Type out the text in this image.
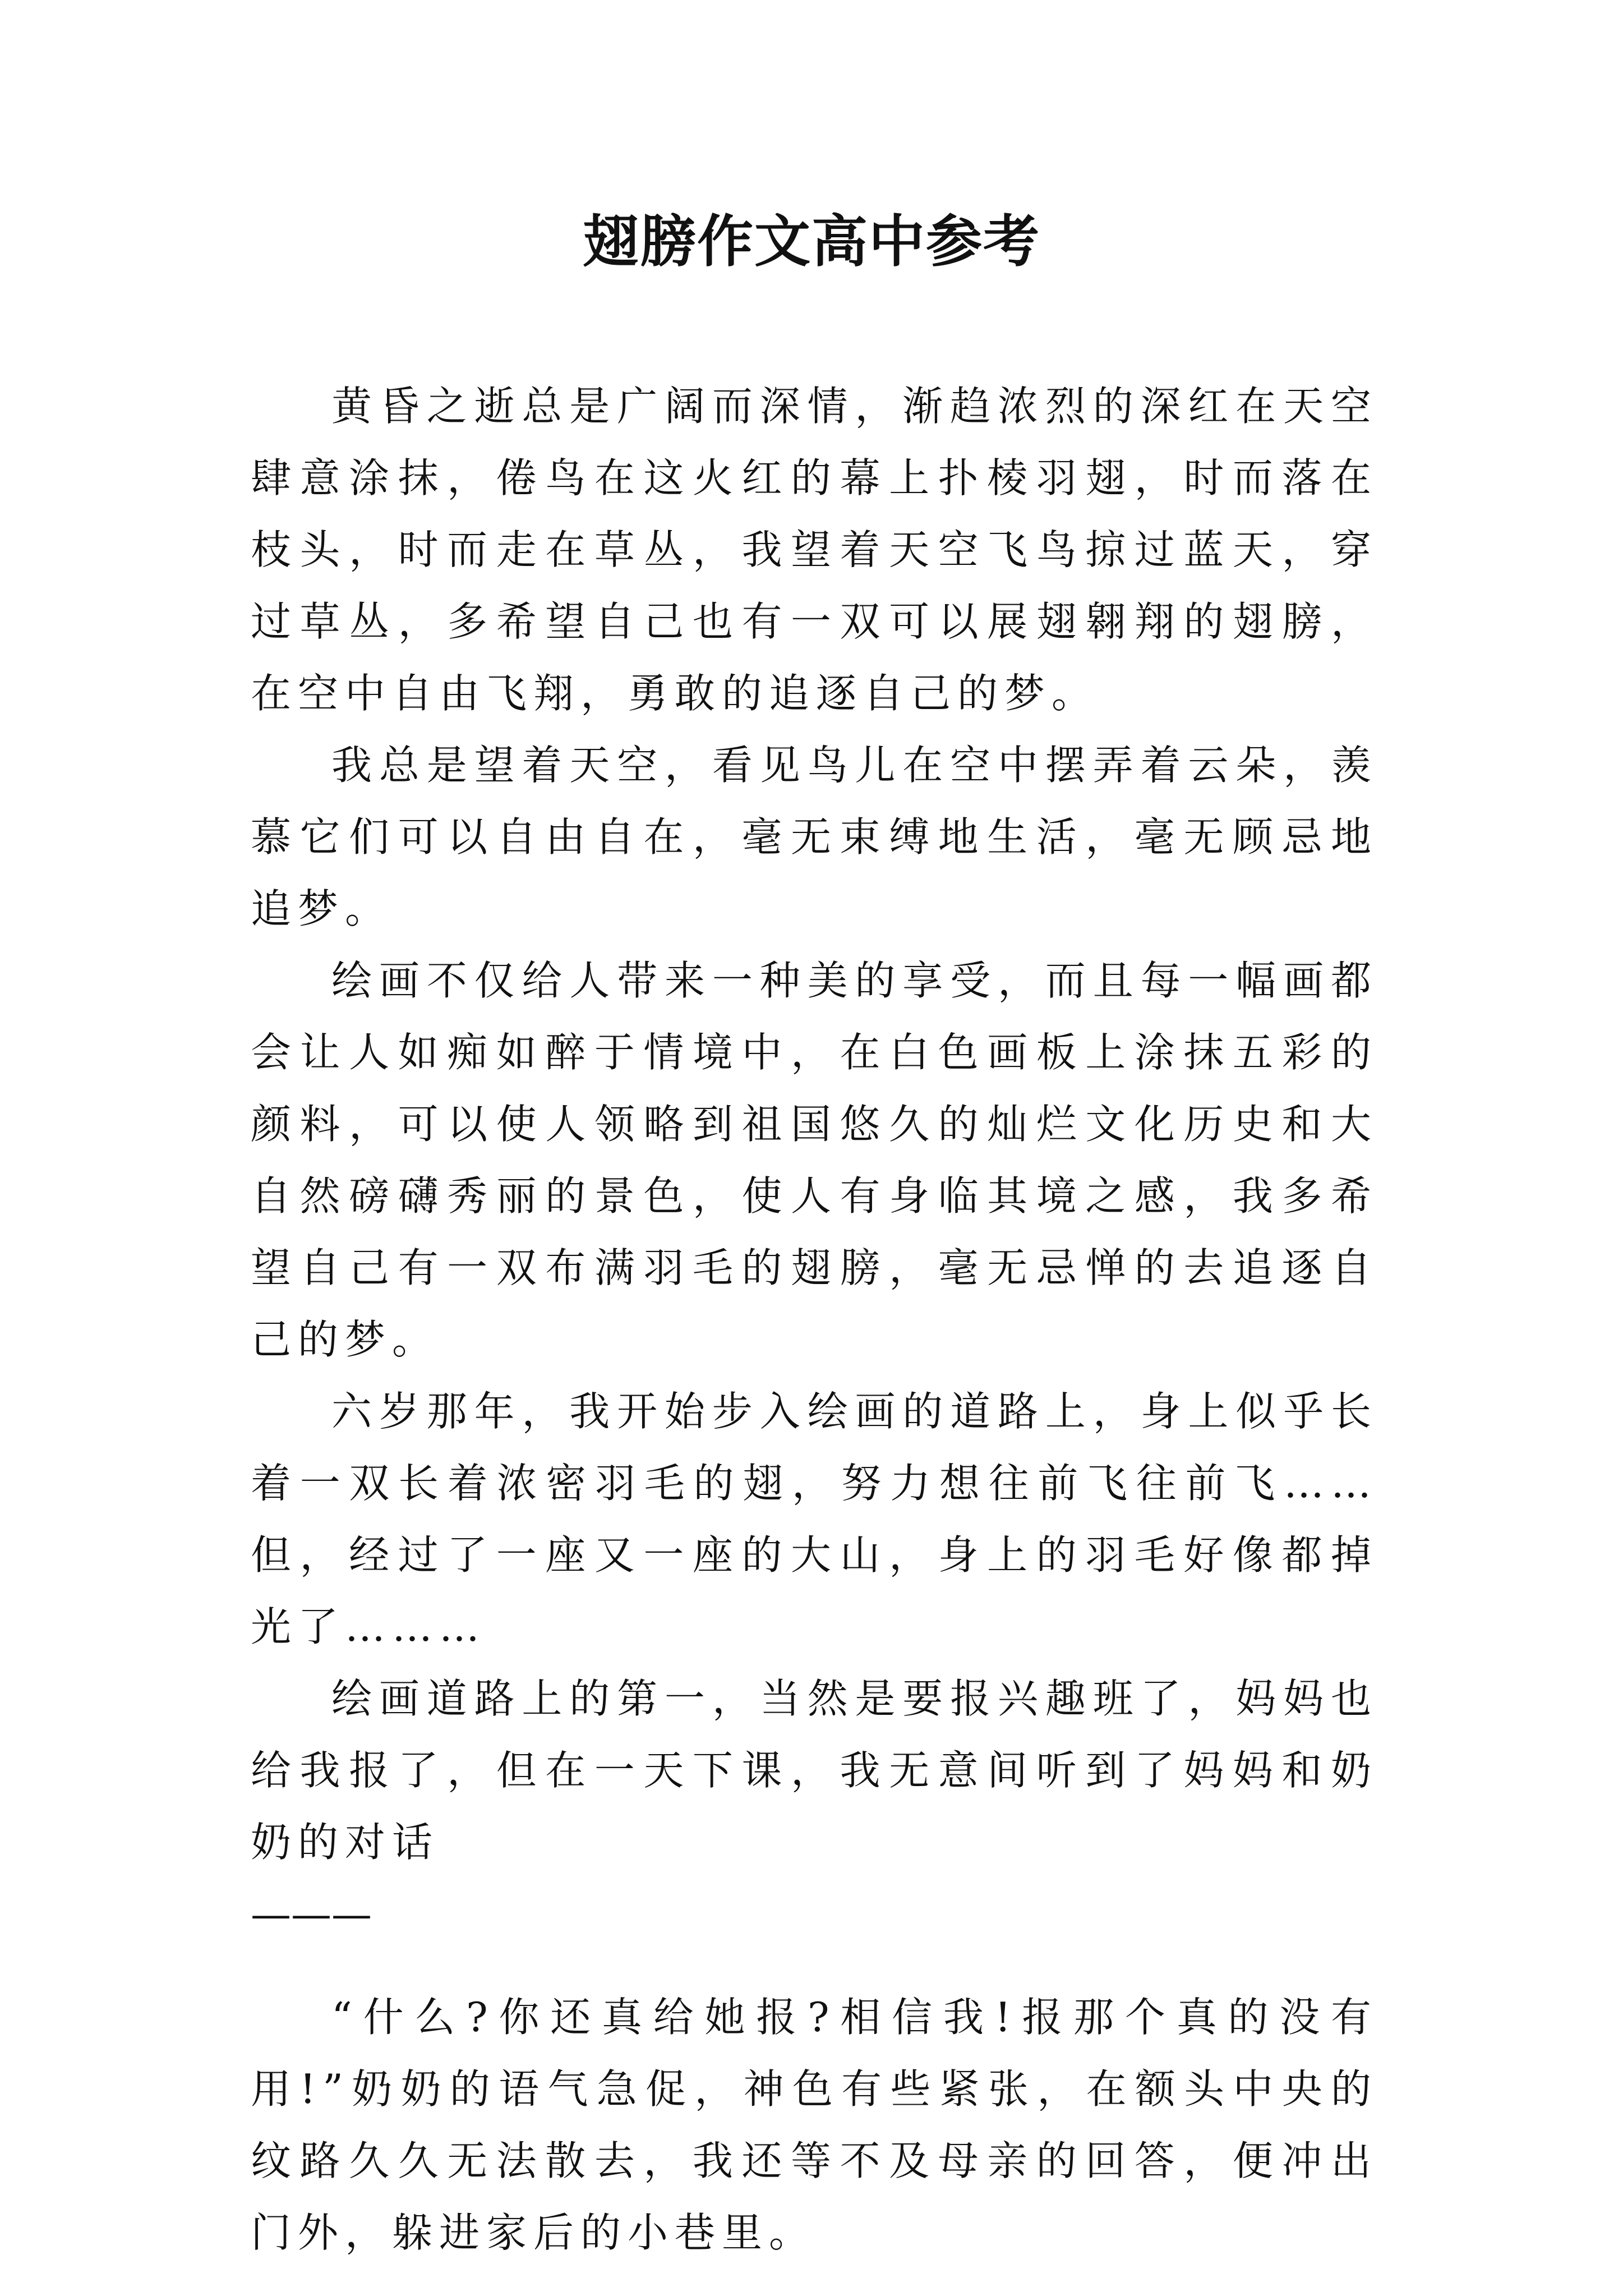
翅膀作文高中参考

黄昏之逝总是广阔而深情，渐趋浓烈的深红在天空肆意涂抹，倦鸟在这火红的幕上扑棱羽翅，时而落在枝头，时而走在草丛，我望着天空飞鸟掠过蓝天，穿过草丛，多希望自己也有一双可以展翅翱翔的翅膀，在空中自由飞翔，勇敢的追逐自己的梦。

我总是望着天空，看见鸟儿在空中摆弄着云朵，羡慕它们可以自由自在，毫无束缚地生活，毫无顾忌地追梦。

绘画不仅给人带来一种美的享受，而且每一幅画都会让人如痴如醉于情境中，在白色画板上涂抹五彩的颜料，可以使人领略到祖国悠久的灿烂文化历史和大自然磅礴秀丽的景色，使人有身临其境之感，我多希望自己有一双布满羽毛的翅膀，毫无忌惮的去追逐自己的梦。

六岁那年，我开始步入绘画的道路上，身上似乎长着一双长着浓密羽毛的翅，努力想往前飞往前飞……但，经过了一座又一座的大山，身上的羽毛好像都掉光了………

绘画道路上的第一，当然是要报兴趣班了，妈妈也给我报了，但在一天下课，我无意间听到了妈妈和奶奶的对话

———

“什么?你还真给她报?相信我!报那个真的没有用!”奶奶的语气急促，神色有些紧张，在额头中央的纹路久久无法散去，我还等不及母亲的回答，便冲出门外，躲进家后的小巷里。
